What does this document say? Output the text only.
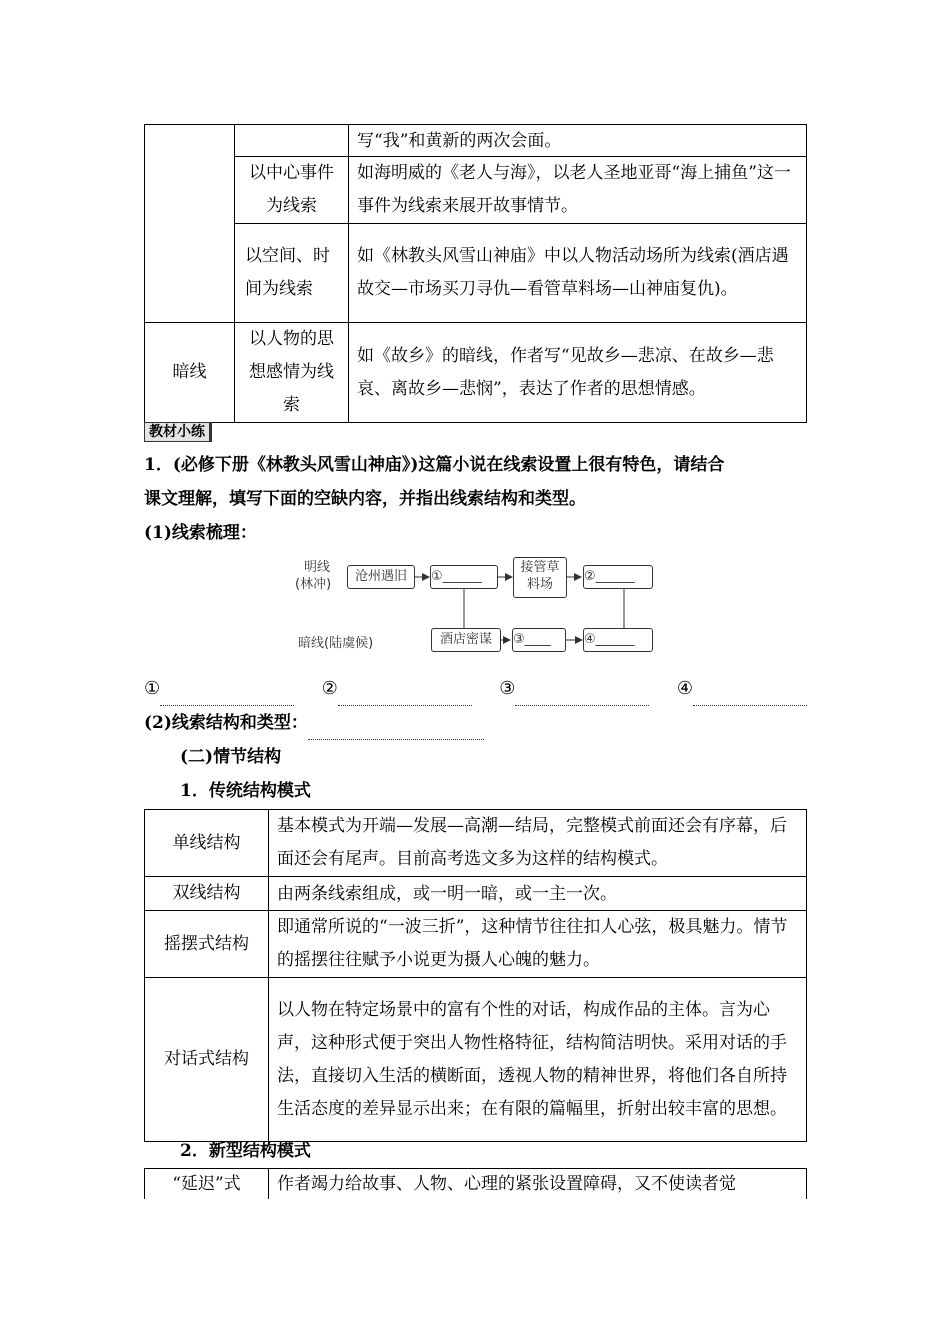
		写“我”和黄新的两次会面。
	以中心事件为线索	如海明威的《老人与海》，以老人圣地亚哥“海上捕鱼”这一事件为线索来展开故事情节。
	以空间、时间为线索	如《林教头风雪山神庙》中以人物活动场所为线索(酒店遇故交—市场买刀寻仇—看管草料场—山神庙复仇)。
暗线	以人物的思想感情为线索	如《故乡》的暗线，作者写“见故乡—悲凉、在故乡—悲哀、离故乡—悲悯”，表达了作者的思想情感。
教材小练
1．(必修下册《林教头风雪山神庙》)这篇小说在线索设置上很有特色，请结合
课文理解，填写下面的空缺内容，并指出线索结构和类型。
(1)线索梳理：
明线
(林冲)
沧州遇旧	①______
接管草
料场
②______
暗线(陆虞候)	酒店密谋	③____	④______
①	②	③	④
(2)线索结构和类型：
(二)情节结构
1．传统结构模式
单线结构	基本模式为开端—发展—高潮—结局，完整模式前面还会有序幕，后面还会有尾声。目前高考选文多为这样的结构模式。
双线结构	由两条线索组成，或一明一暗，或一主一次。
摇摆式结构	即通常所说的“一波三折”，这种情节往往扣人心弦，极具魅力。情节的摇摆往往赋予小说更为摄人心魄的魅力。
对话式结构	以人物在特定场景中的富有个性的对话，构成作品的主体。言为心声，这种形式便于突出人物性格特征，结构简洁明快。采用对话的手法，直接切入生活的横断面，透视人物的精神世界，将他们各自所持生活态度的差异显示出来；在有限的篇幅里，折射出较丰富的思想。
2．新型结构模式
“延迟”式	作者竭力给故事、人物、心理的紧张设置障碍，又不使读者觉
